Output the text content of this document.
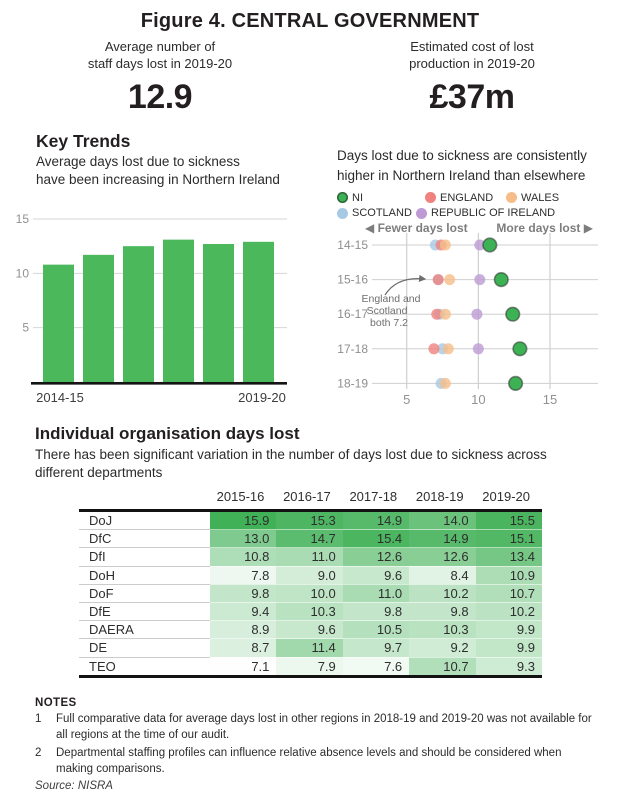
Figure 4. CENTRAL GOVERNMENT
Average number of
staff days lost in 2019-20
12.9
Estimated cost of lost
production in 2019-20
£37m
Key Trends
Average days lost due to sickness
have been increasing in Northern Ireland
5
10
15
2014-15	2019-20
Days lost due to sickness are consistently
higher in Northern Ireland than elsewhere
NI	ENGLAND	WALES
SCOTLAND REPUBLIC OF IRELAND
◀ Fewer days lost More days lost ▶
5	10	15
14-15
15-16
16-17
17-18
18-19
England and
Scotland
both 7.2
Individual organisation days lost
There has been significant variation in the number of days lost due to sickness across
different departments
	2015-16	2016-17	2017-18	2018-19	2019-20
DoJ	15.9	15.3	14.9	14.0	15.5
DfC	13.0	14.7	15.4	14.9	15.1
DfI	10.8	11.0	12.6	12.6	13.4
DoH	7.8	9.0	9.6	8.4	10.9
DoF	9.8	10.0	11.0	10.2	10.7
DfE	9.4	10.3	9.8	9.8	10.2
DAERA	8.9	9.6	10.5	10.3	9.9
DE	8.7	11.4	9.7	9.2	9.9
TEO	7.1	7.9	7.6	10.7	9.3
NOTES
1	Full comparative data for average days lost in other regions in 2018-19 and 2019-20 was not available for all regions at the time of our audit.
2	Departmental staffing profiles can influence relative absence levels and should be considered when making comparisons.
Source: NISRA
